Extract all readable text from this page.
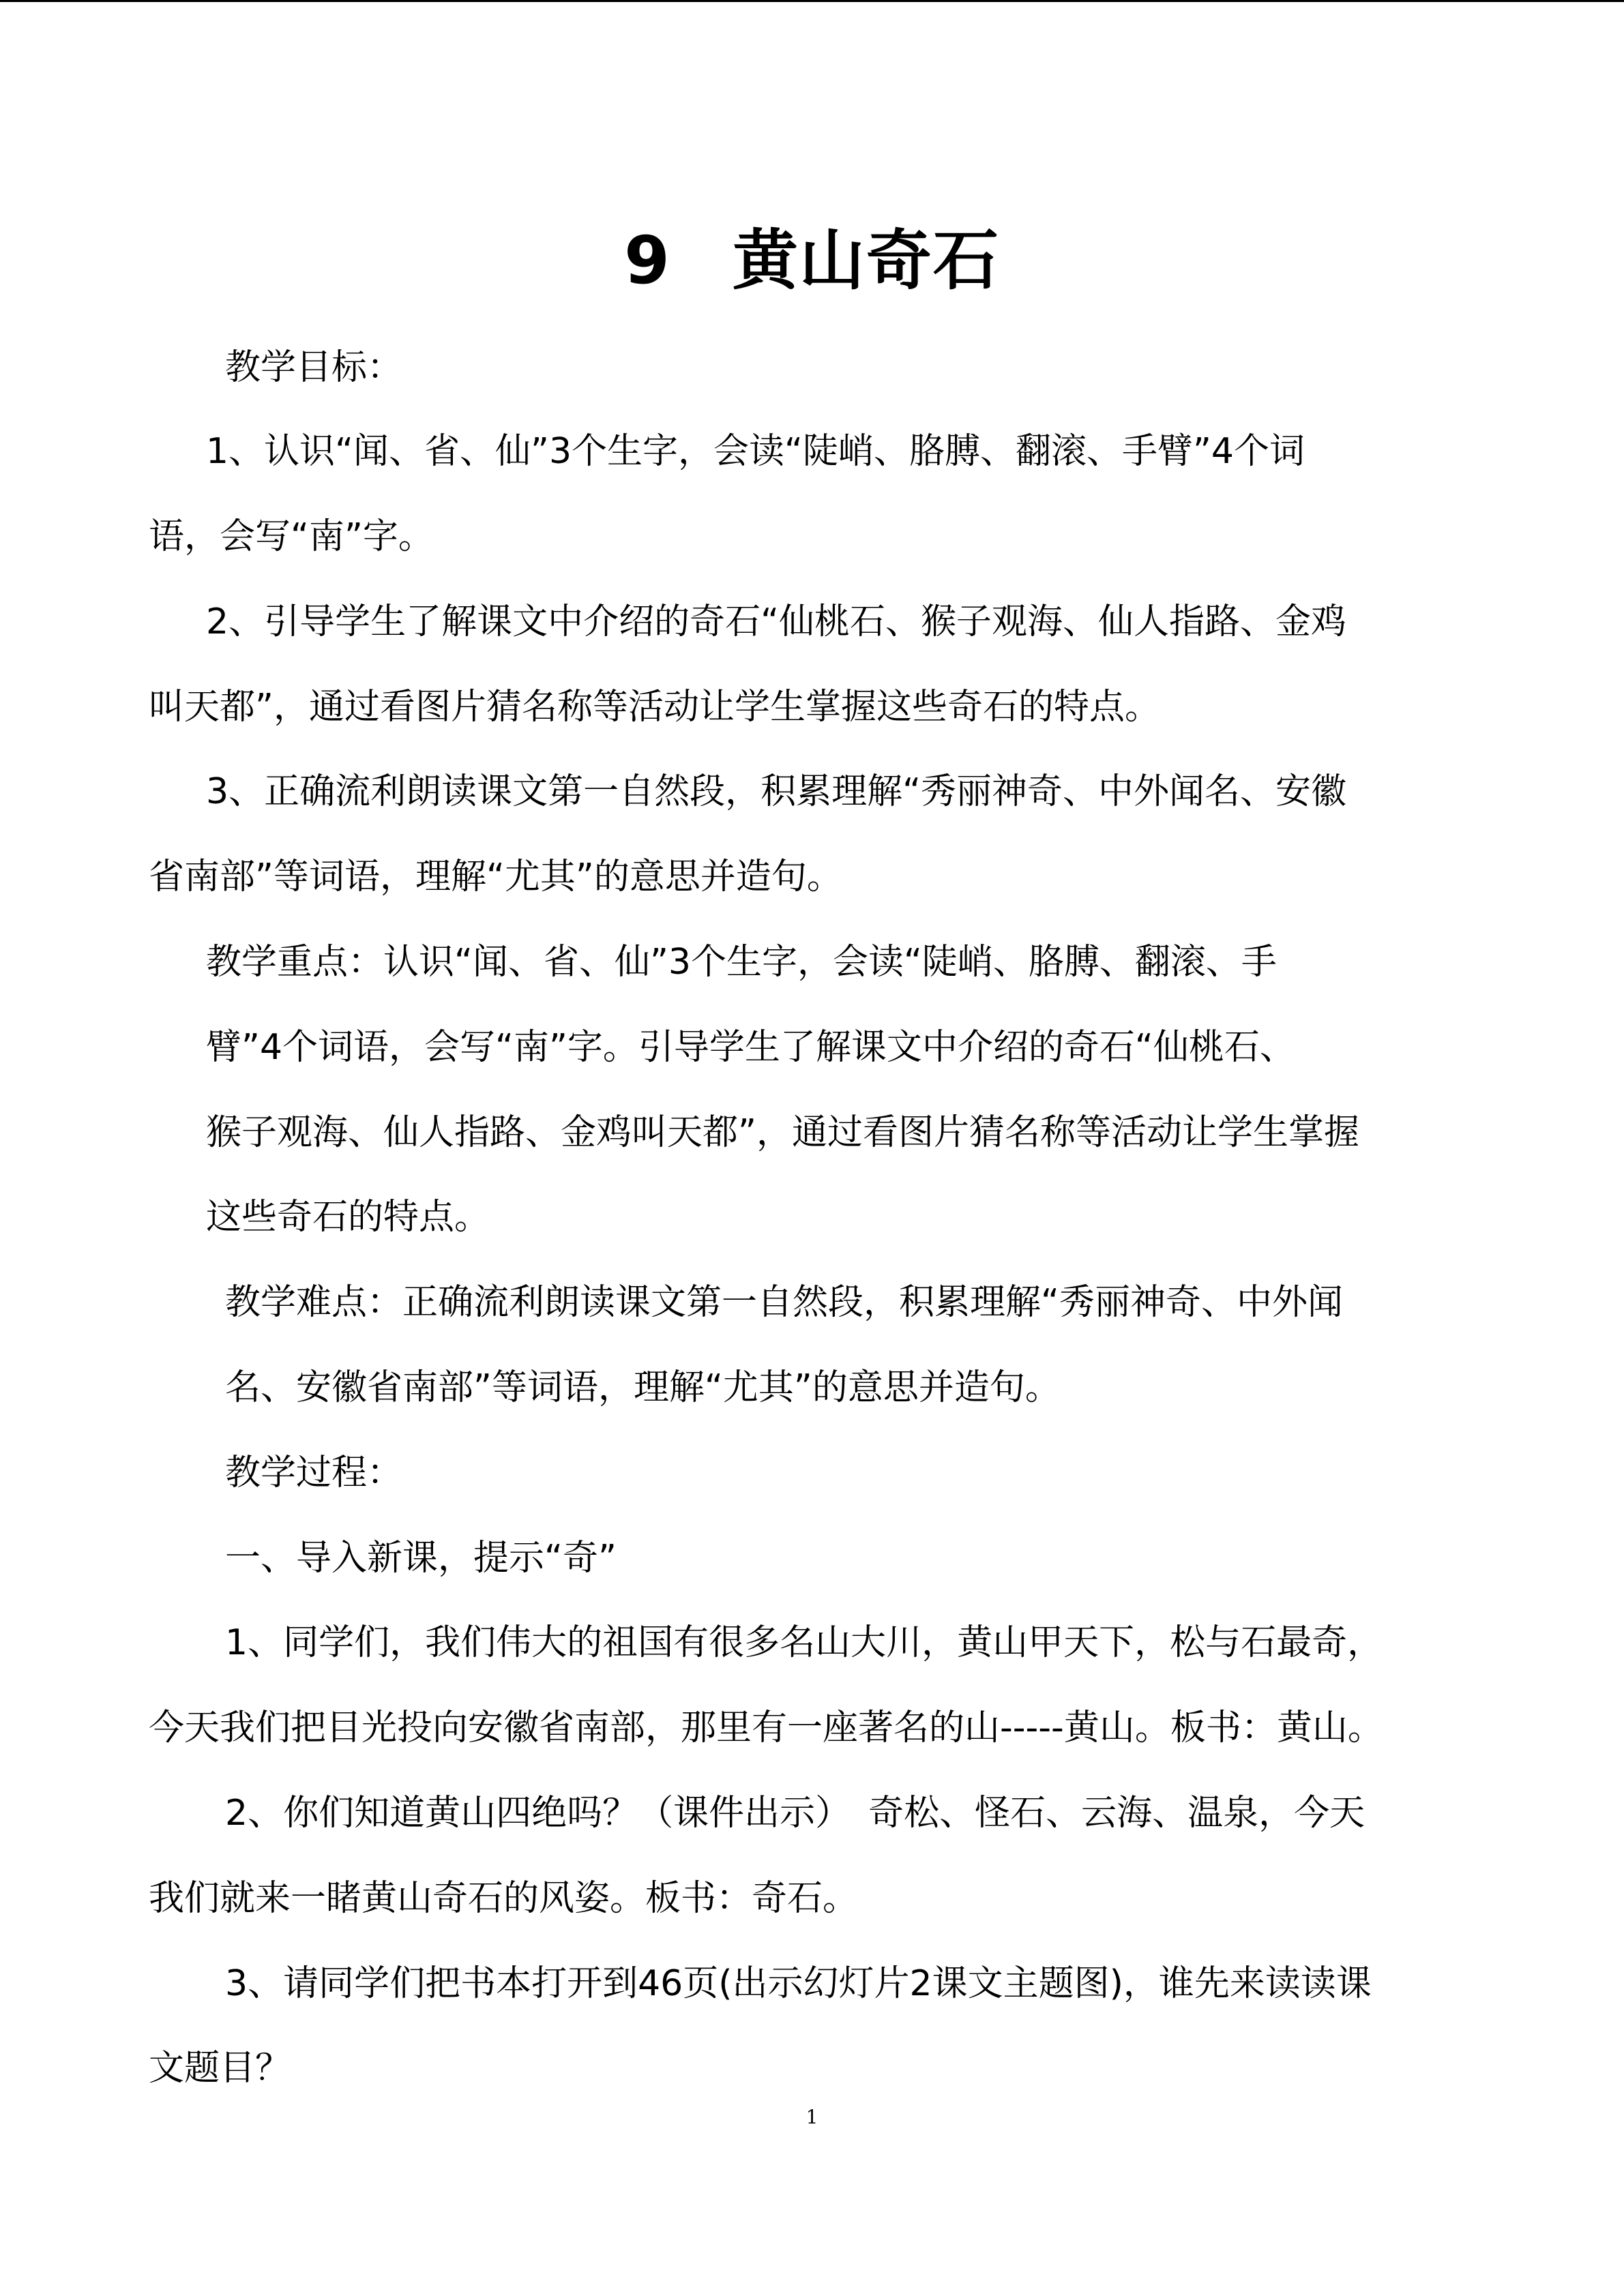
9 黄山奇石
教学目标：
1、认识“闻、省、仙”3个生字，会读“陡峭、胳膊、翻滚、手臂”4个词
语，会写“南”字。
2、引导学生了解课文中介绍的奇石“仙桃石、猴子观海、仙人指路、金鸡
叫天都”，通过看图片猜名称等活动让学生掌握这些奇石的特点。
3、正确流利朗读课文第一自然段，积累理解“秀丽神奇、中外闻名、安徽
省南部”等词语，理解“尤其”的意思并造句。
教学重点：认识“闻、省、仙”3个生字，会读“陡峭、胳膊、翻滚、手
臂”4个词语，会写“南”字。引导学生了解课文中介绍的奇石“仙桃石、
猴子观海、仙人指路、金鸡叫天都”，通过看图片猜名称等活动让学生掌握
这些奇石的特点。
教学难点：正确流利朗读课文第一自然段，积累理解“秀丽神奇、中外闻
名、安徽省南部”等词语，理解“尤其”的意思并造句。
教学过程：
一、导入新课，提示“奇”
1、同学们，我们伟大的祖国有很多名山大川，黄山甲天下，松与石最奇，
今天我们把目光投向安徽省南部，那里有一座著名的山-----黄山。板书：黄山。
2、你们知道黄山四绝吗？（课件出示）　奇松、怪石、云海、温泉，今天
我们就来一睹黄山奇石的风姿。板书：奇石。
3、请同学们把书本打开到46页(出示幻灯片2课文主题图)，谁先来读读课
文题目？
1
